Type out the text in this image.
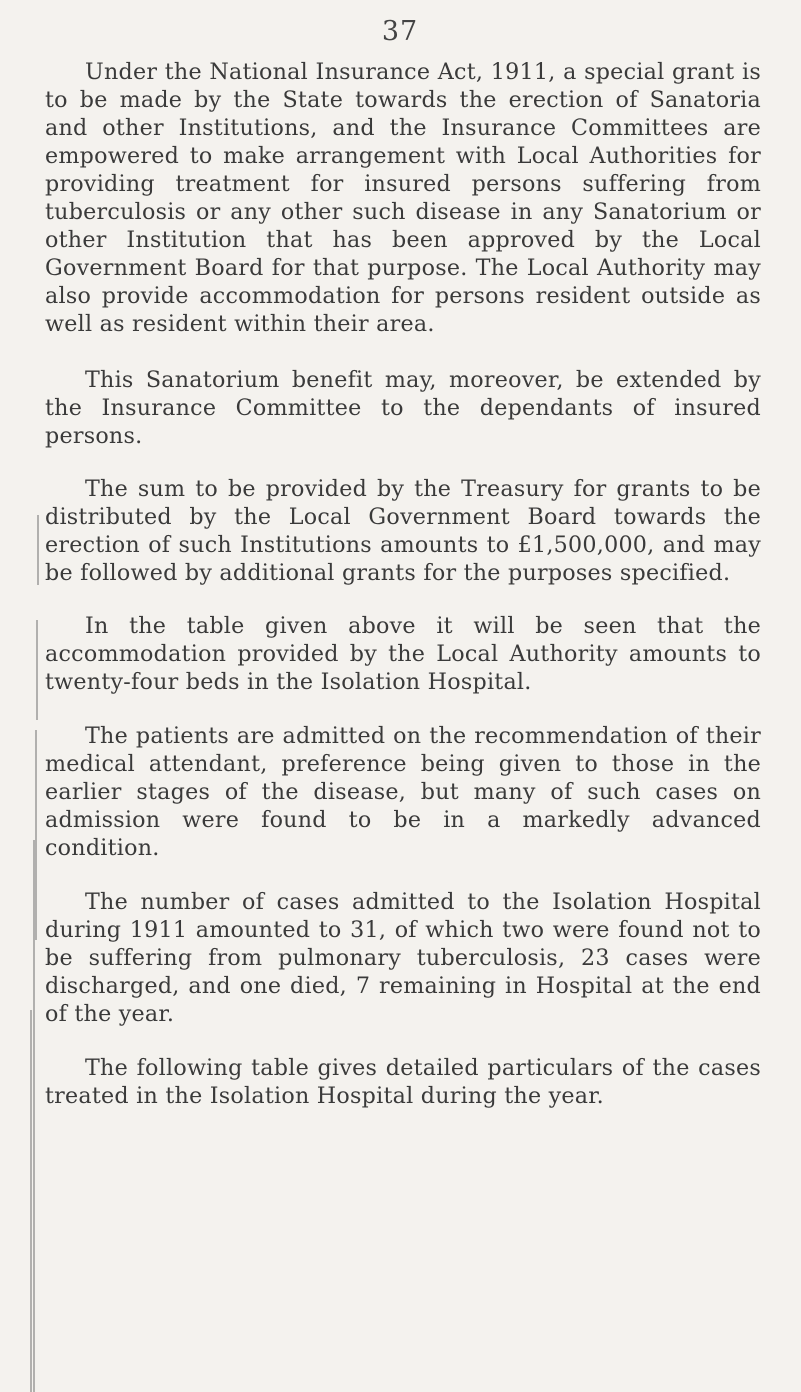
37

Under the National Insurance Act, 1911, a special grant is to be made by the State towards the erection of Sanatoria and other Institutions, and the Insurance Committees are empowered to make arrangement with Local Authorities for providing treatment for insured persons suffering from tuberculosis or any other such disease in any Sanatorium or other Institution that has been approved by the Local Government Board for that purpose. The Local Authority may also provide accommodation for persons resident outside as well as resident within their area.

This Sanatorium benefit may, moreover, be extended by the Insurance Committee to the dependants of insured persons.

The sum to be provided by the Treasury for grants to be distributed by the Local Government Board towards the erection of such Institutions amounts to £1,500,000, and may be followed by additional grants for the purposes specified.

In the table given above it will be seen that the accommodation provided by the Local Authority amounts to twenty-four beds in the Isolation Hospital.

The patients are admitted on the recommendation of their medical attendant, preference being given to those in the earlier stages of the disease, but many of such cases on admission were found to be in a markedly advanced condition.

The number of cases admitted to the Isolation Hospital during 1911 amounted to 31, of which two were found not to be suffering from pulmonary tuberculosis, 23 cases were discharged, and one died, 7 remaining in Hospital at the end of the year.

The following table gives detailed particulars of the cases treated in the Isolation Hospital during the year.
